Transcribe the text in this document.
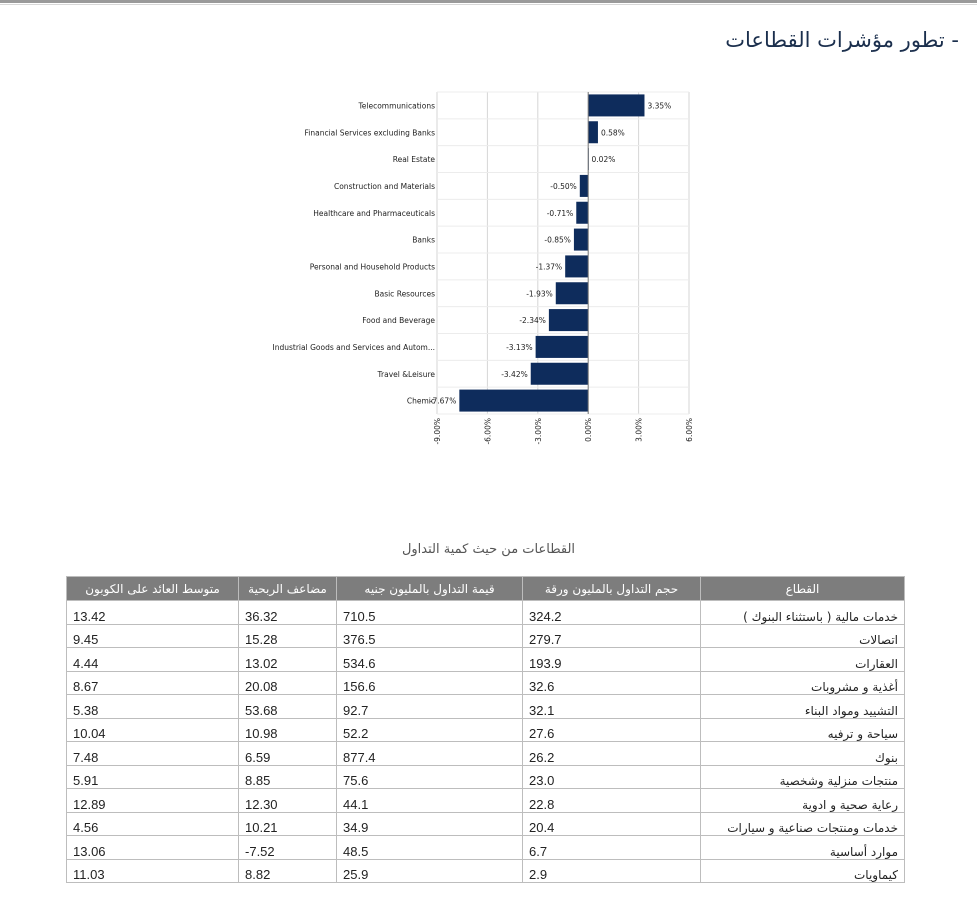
- تطور مؤشرات القطاعات
Telecommunications
Financial Services excluding Banks
Real Estate
Construction and Materials
Healthcare and Pharmaceuticals
Banks
Personal and Household Products
Basic Resources
Food and Beverage
Industrial Goods and Services and Autom...
Travel &Leisure
Chemic
3.35%
0.58%
0.02%
-0.50%
-0.71%
-0.85%
-1.37%
-1.93%
-2.34%
-3.13%
-3.42%
-7.67%
-9.00%	-6.00%	-3.00%	0.00%	3.00%	6.00%
القطاعات من حيث كمية التداول
القطاع	حجم التداول بالمليون ورقة	قيمة التداول بالمليون جنيه	مضاعف الربحية	متوسط العائد على الكوبون
خدمات مالية ( باستثناء البنوك )	324.2	710.5	36.32	13.42
اتصالات	279.7	376.5	15.28	9.45
العقارات	193.9	534.6	13.02	4.44
أغذية و مشروبات	32.6	156.6	20.08	8.67
التشييد ومواد البناء	32.1	92.7	53.68	5.38
سياحة و ترفيه	27.6	52.2	10.98	10.04
بنوك	26.2	877.4	6.59	7.48
منتجات منزلية وشخصية	23.0	75.6	8.85	5.91
رعاية صحية و ادوية	22.8	44.1	12.30	12.89
خدمات ومنتجات صناعية و سيارات	20.4	34.9	10.21	4.56
موارد أساسية	6.7	48.5	7.52-	13.06
كيماويات	2.9	25.9	8.82	11.03
